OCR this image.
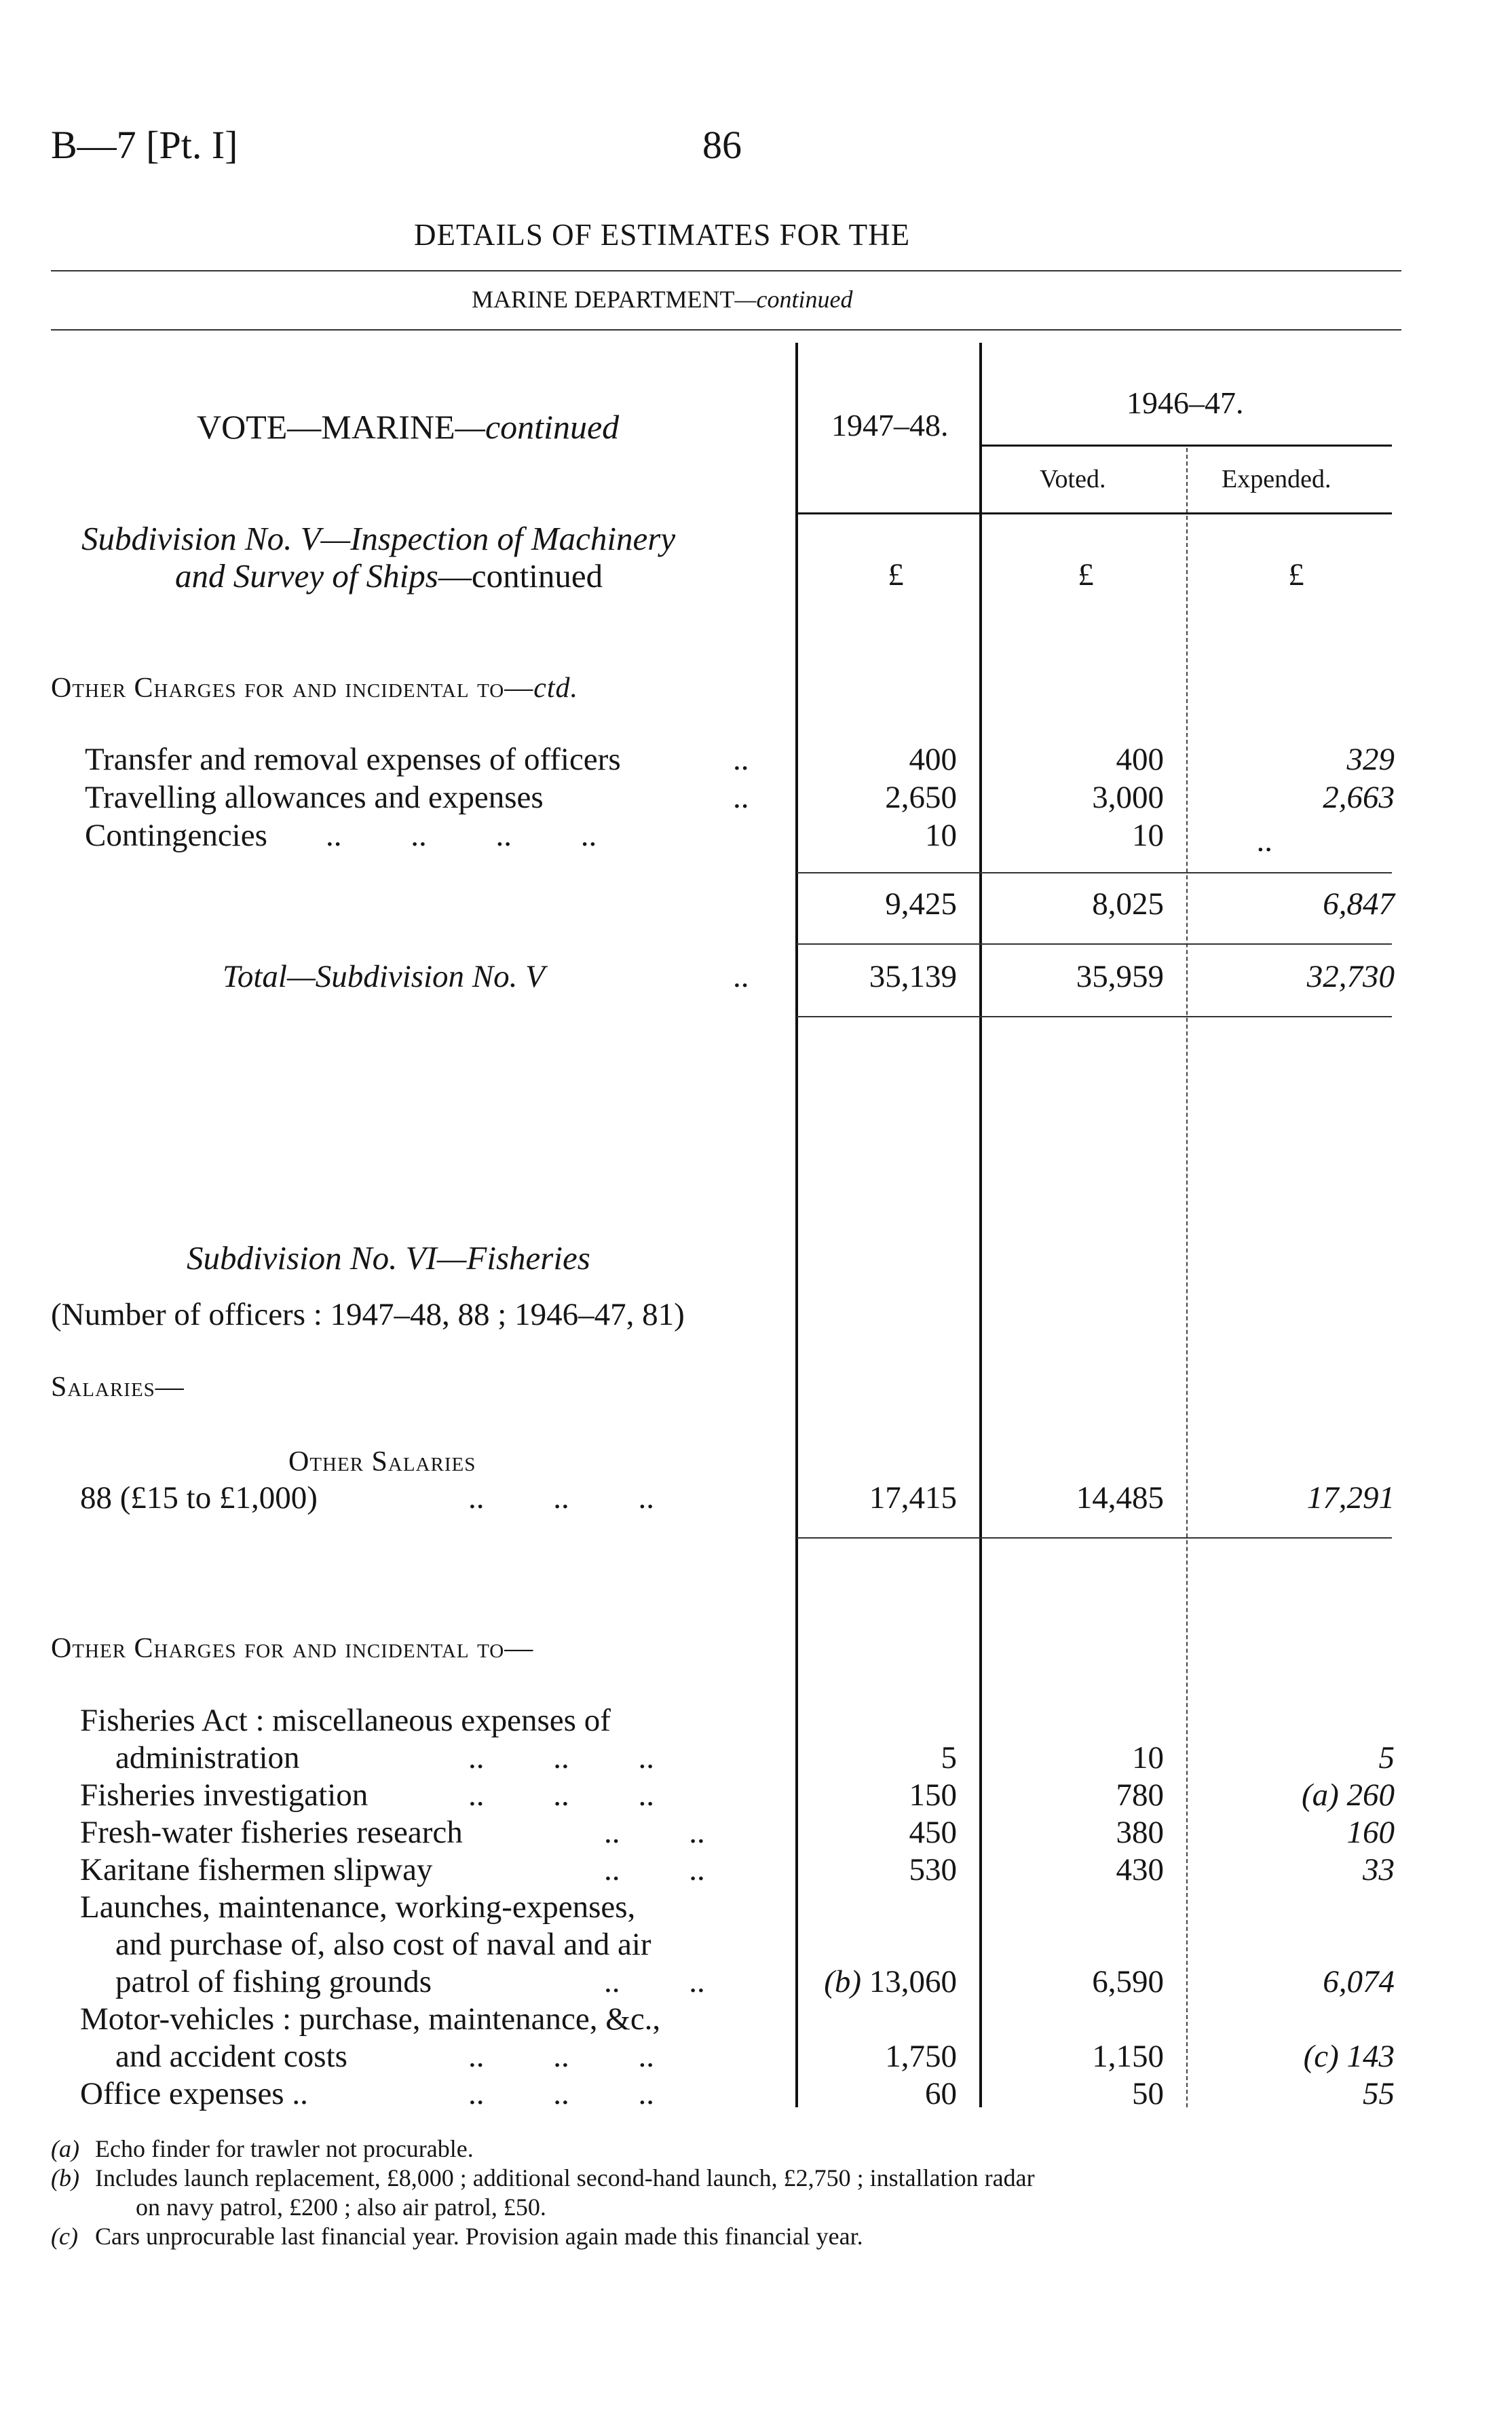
B—7 [Pt. I]	86
DETAILS OF ESTIMATES FOR THE
MARINE DEPARTMENT—continued
1947–48.
1946–47.
Voted.	Expended.
VOTE—MARINE—continued
Subdivision No. V—Inspection of Machinery
and Survey of Ships—continued	£	£	£
Other Charges for and incidental to—ctd.
Transfer and removal expenses of officers	..	400	400	329
Travelling allowances and expenses	..	2,650	3,000	2,663
Contingencies .. .. .. ..	10	10	..
9,425	8,025	6,847
Total—Subdivision No. V	..	35,139	35,959	32,730
Subdivision No. VI—Fisheries
(Number of officers : 1947–48, 88 ; 1946–47, 81)
Salaries—
Other Salaries
88 (£15 to £1,000)	.. .. ..	17,415	14,485	17,291
Other Charges for and incidental to—
Fisheries Act : miscellaneous expenses of
administration	.. .. ..	5	10	5
Fisheries investigation	.. .. ..	150	780	(a) 260
Fresh-water fisheries research	.. ..	450	380	160
Karitane fishermen slipway	.. ..	530	430	33
Launches, maintenance, working-expenses,
and purchase of, also cost of naval and air
patrol of fishing grounds	.. ..	(b) 13,060	6,590	6,074
Motor-vehicles : purchase, maintenance, &c.,
and accident costs	.. .. ..	1,750	1,150	(c) 143
Office expenses ..	.. .. ..	60	50	55
(a) Echo finder for trawler not procurable.
(b) Includes launch replacement, £8,000 ; additional second-hand launch, £2,750 ; installation radar
on navy patrol, £200 ; also air patrol, £50.
(c) Cars unprocurable last financial year. Provision again made this financial year.
